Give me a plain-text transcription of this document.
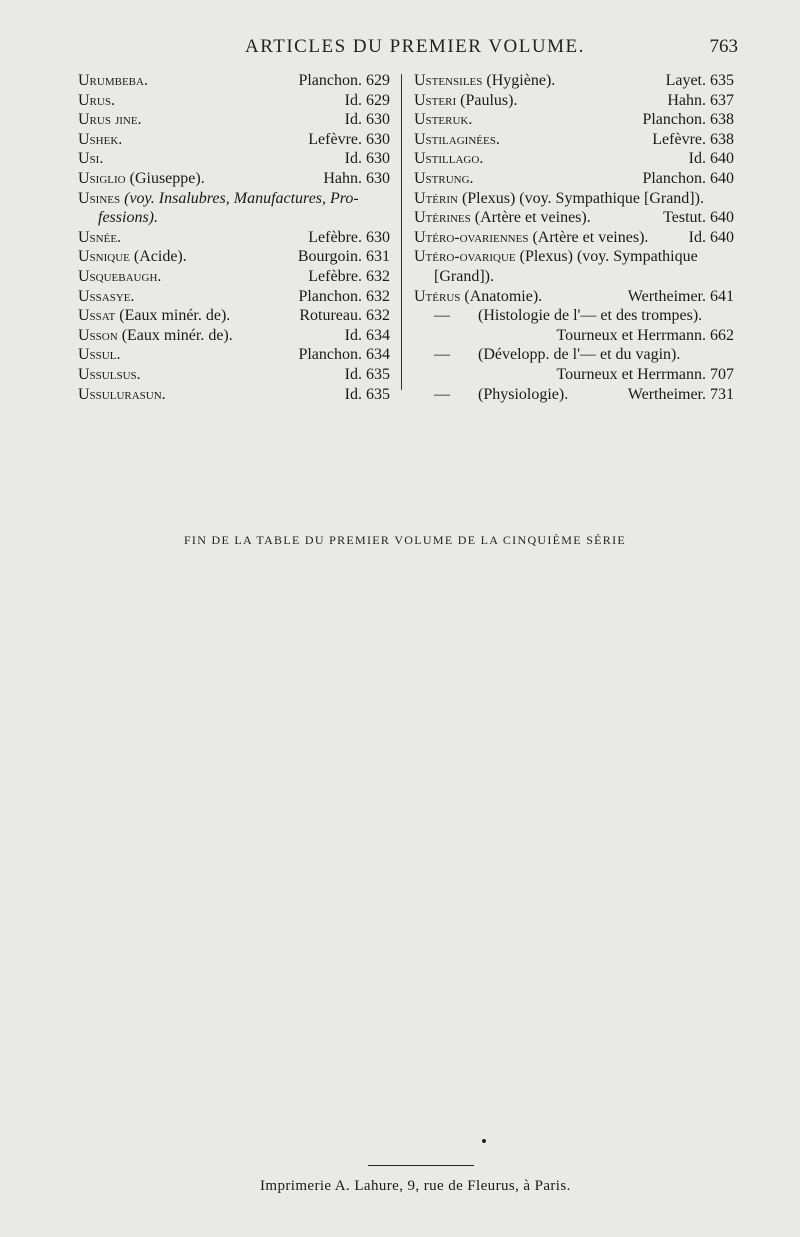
ARTICLES DU PREMIER VOLUME.	763
Urumbeba.	Planchon. 629
Urus.	Id. 629
Urus jine.	Id. 630
Ushek.	Lefèvre. 630
Usi.	Id. 630
Usiglio (Giuseppe).	Hahn. 630
Usines (voy. Insalubres, Manufactures, Pro-
fessions).
Usnée.	Lefèbre. 630
Usnique (Acide).	Bourgoin. 631
Usquebaugh.	Lefèbre. 632
Ussasye.	Planchon. 632
Ussat (Eaux minér. de).	Rotureau. 632
Usson (Eaux minér. de).	Id. 634
Ussul.	Planchon. 634
Ussulsus.	Id. 635
Ussulurasun.	Id. 635
Ustensiles (Hygiène).	Layet. 635
Usteri (Paulus).	Hahn. 637
Usteruk.	Planchon. 638
Ustilaginées.	Lefèvre. 638
Ustillago.	Id. 640
Ustrung.	Planchon. 640
Utérin (Plexus) (voy. Sympathique [Grand]).
Utérines (Artère et veines).	Testut. 640
Utéro-ovariennes (Artère et veines).	Id. 640
Utéro-ovarique (Plexus) (voy. Sympathique
[Grand]).
Utérus (Anatomie).	Wertheimer. 641
— (Histologie de l'— et des trompes).
Tourneux et Herrmann. 662
— (Développ. de l'— et du vagin).
Tourneux et Herrmann. 707
— (Physiologie).	Wertheimer. 731
FIN DE LA TABLE DU PREMIER VOLUME DE LA CINQUIÈME SÉRIE
Imprimerie A. Lahure, 9, rue de Fleurus, à Paris.
